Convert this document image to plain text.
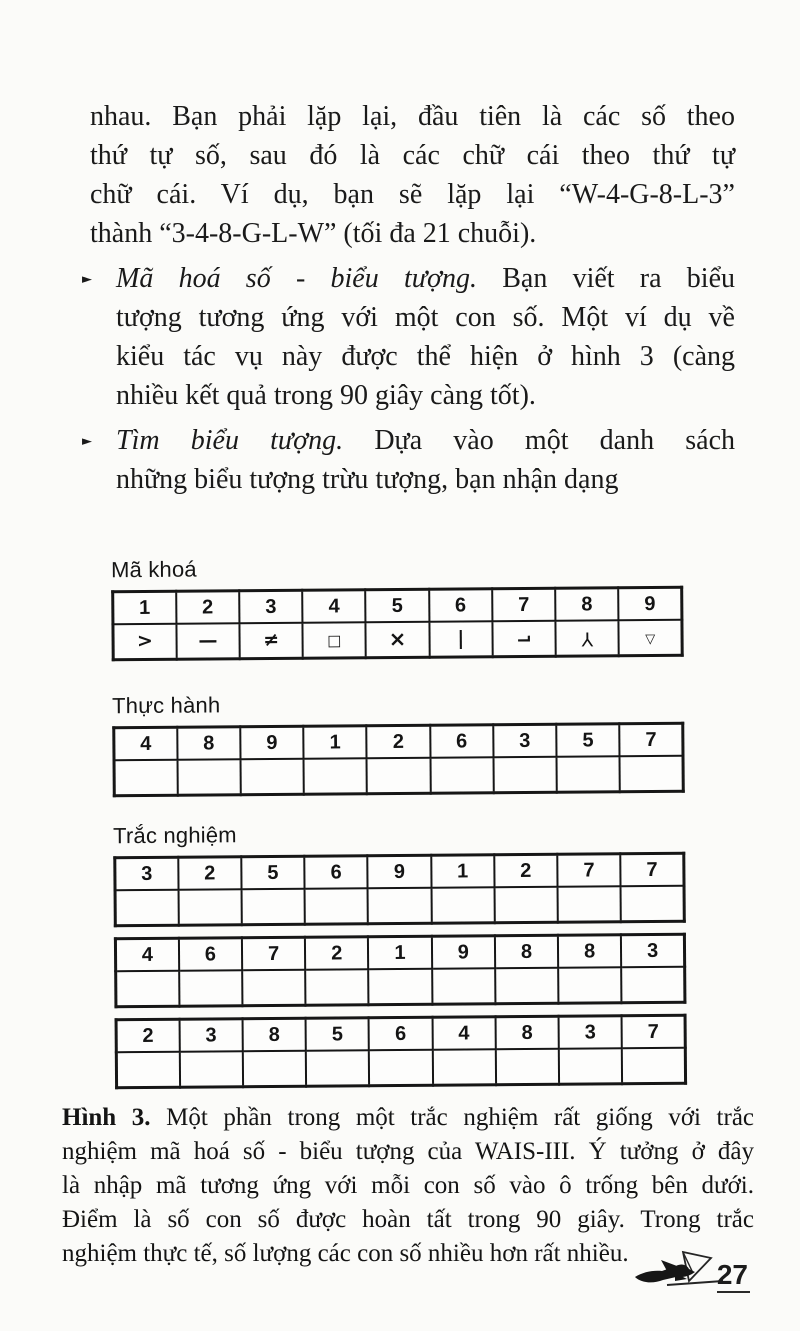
nhau. Bạn phải lặp lại, đầu tiên là các số theo
thứ tự số, sau đó là các chữ cái theo thứ tự
chữ cái. Ví dụ, bạn sẽ lặp lại “W-4-G-8-L-3”
thành “3-4-8-G-L-W” (tối đa 21 chuỗi).
► Mã hoá số - biểu tượng. Bạn viết ra biểu
tượng tương ứng với một con số. Một ví dụ về
kiểu tác vụ này được thể hiện ở hình 3 (càng
nhiều kết quả trong 90 giây càng tốt).
► Tìm biểu tượng. Dựa vào một danh sách
những biểu tượng trừu tượng, bạn nhận dạng
Mã khoá
1	2	3	4	5	6	7	8	9
>	—	≠	□	×	|	¬	Y	▽
Thực hành
4	8	9	1	2	6	3	5	7

Trắc nghiệm
3	2	5	6	9	1	2	7	7

4	6	7	2	1	9	8	8	3

2	3	8	5	6	4	8	3	7

Hình 3. Một phần trong một trắc nghiệm rất giống với trắc
nghiệm mã hoá số - biểu tượng của WAIS-III. Ý tưởng ở đây
là nhập mã tương ứng với mỗi con số vào ô trống bên dưới.
Điểm là số con số được hoàn tất trong 90 giây. Trong trắc
nghiệm thực tế, số lượng các con số nhiều hơn rất nhiều.
27
